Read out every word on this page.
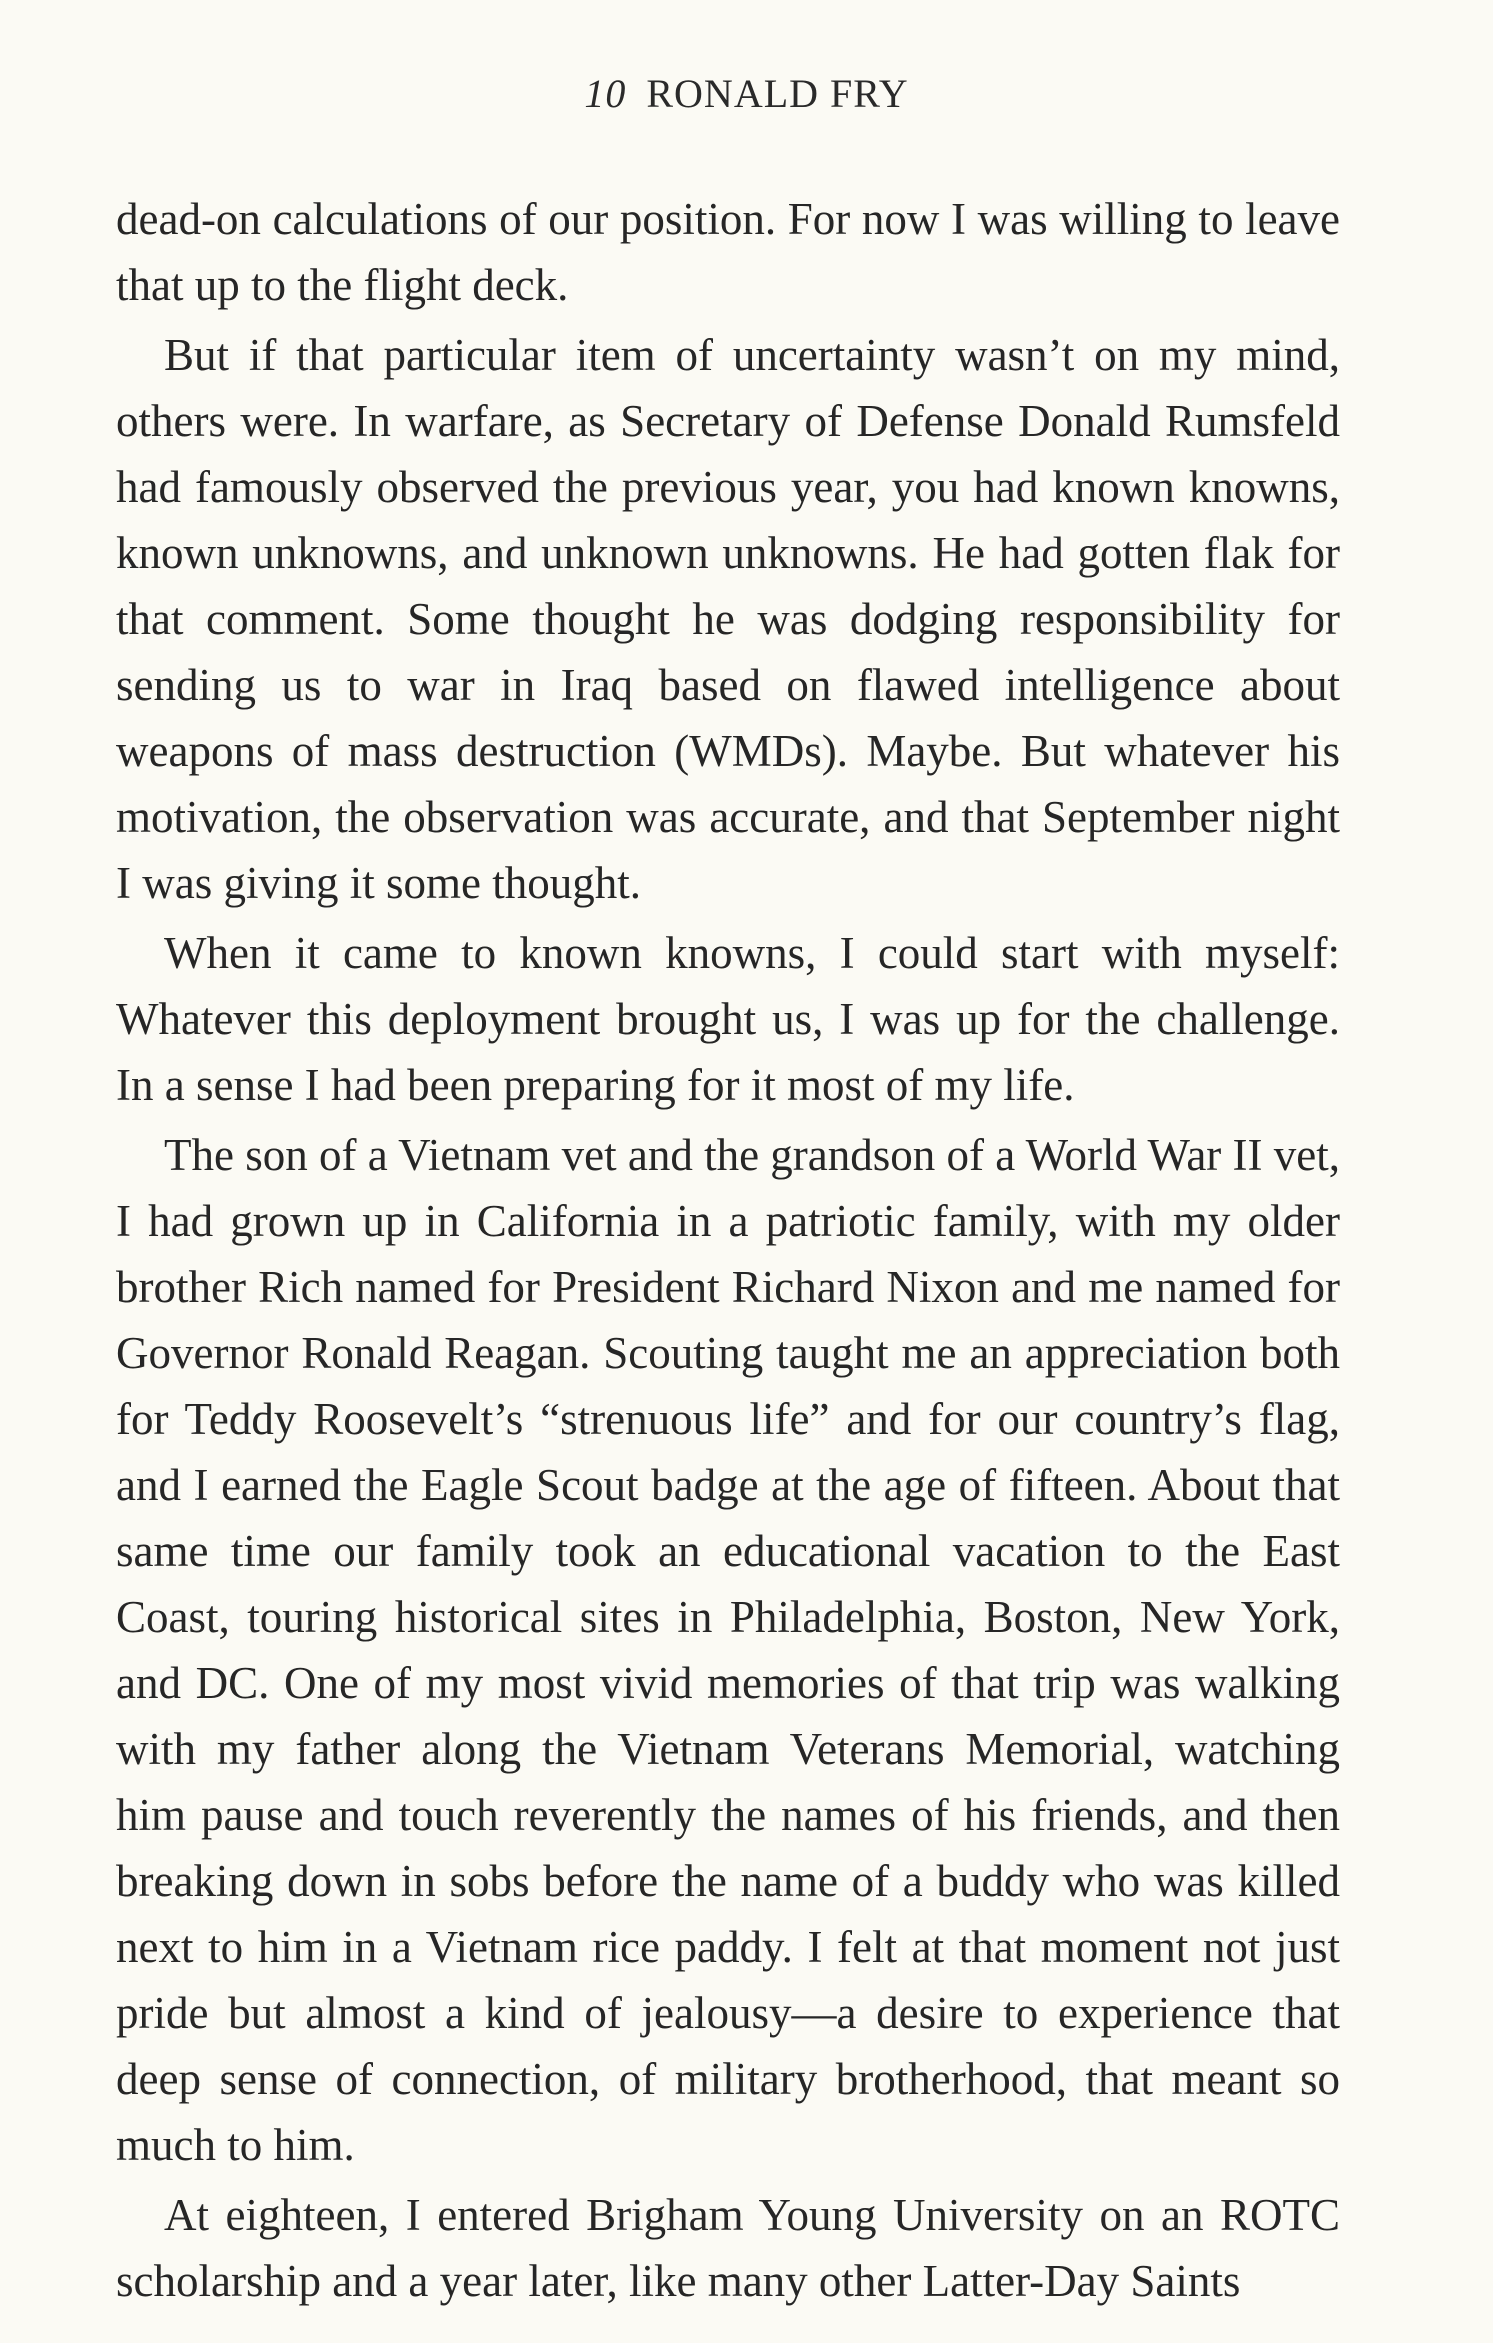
10 RONALD FRY

dead-on calculations of our position. For now I was willing to leave that up to the flight deck.

But if that particular item of uncertainty wasn’t on my mind, others were. In warfare, as Secretary of Defense Donald Rumsfeld had famously observed the previous year, you had known knowns, known unknowns, and unknown unknowns. He had gotten flak for that comment. Some thought he was dodging responsibility for sending us to war in Iraq based on flawed intelligence about weapons of mass destruction (WMDs). Maybe. But whatever his motivation, the observation was accurate, and that September night I was giving it some thought.

When it came to known knowns, I could start with myself: Whatever this deployment brought us, I was up for the challenge. In a sense I had been preparing for it most of my life.

The son of a Vietnam vet and the grandson of a World War II vet, I had grown up in California in a patriotic family, with my older brother Rich named for President Richard Nixon and me named for Governor Ronald Reagan. Scouting taught me an appreciation both for Teddy Roosevelt’s “strenuous life” and for our country’s flag, and I earned the Eagle Scout badge at the age of fifteen. About that same time our family took an educational vacation to the East Coast, touring historical sites in Philadelphia, Boston, New York, and DC. One of my most vivid memories of that trip was walking with my father along the Vietnam Veterans Memorial, watching him pause and touch reverently the names of his friends, and then breaking down in sobs before the name of a buddy who was killed next to him in a Vietnam rice paddy. I felt at that moment not just pride but almost a kind of jealousy—a desire to experience that deep sense of connection, of military brotherhood, that meant so much to him.

At eighteen, I entered Brigham Young University on an ROTC scholarship and a year later, like many other Latter-Day Saints
